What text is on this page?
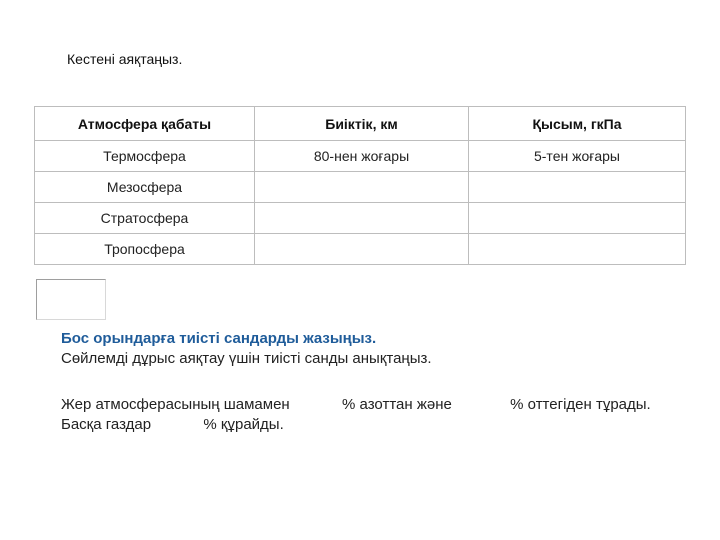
Кестені аяқтаңыз.
Атмосфера қабаты	Биіктік, км	Қысым, гкПа
Термосфера	80-нен жоғары	5-тен жоғары
Мезосфера		
Стратосфера		
Тропосфера		
Бос орындарға тиісті сандарды жазыңыз.
Сөйлемді дұрыс аяқтау үшін тиісті санды анықтаңыз.
Жер атмосферасының шамамен	% азоттан және	% оттегіден тұрады. Басқа газдар	% құрайды.
